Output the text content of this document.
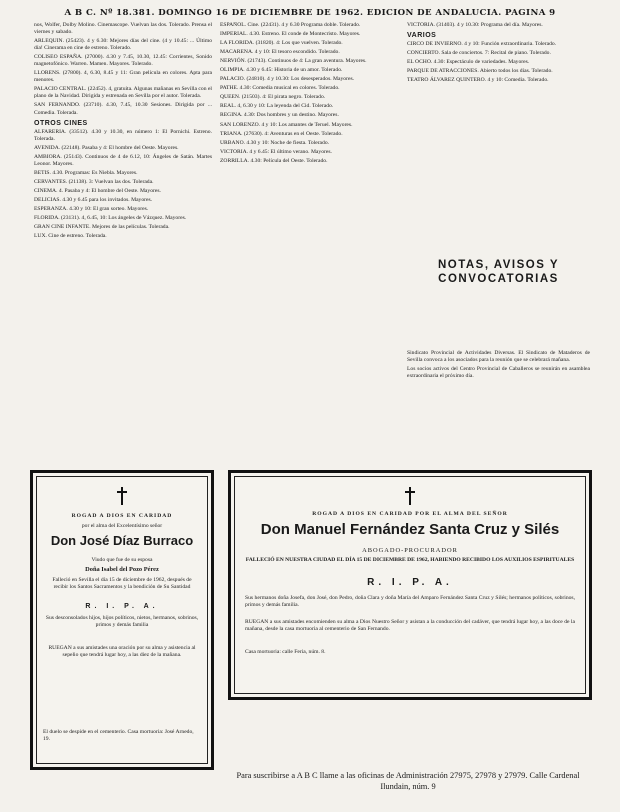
A B C. Nº 18.381. DOMINGO 16 DE DICIEMBRE DE 1962. EDICION DE ANDALUCIA. PAGINA 9

nos, Wolfer, Dolby Molino. Cinemascope. Vuelvan las dos. Tolerado. Prensa el viernes y sabado.

ARLEQUIN. (25423). 4 y 6.30: Mejores días del cine. (4 y 10.45: ... Último día! Cinerama en cine de estreno. Tolerado.

COLISEO ESPAÑA. (27000). 4.30 y 7.45, 10.30, 12.45: Corrientes, Sonido magnetofónico. Warren. Mamen. Mayores. Tolerado.

LLORENS. (27800). 4, 6.30, 8.45 y 11: Gran película en colores. Apta para menores.

PALACIO CENTRAL. (22452). 4, gratuita. Algunas mañanas en Sevilla con el plano de la Navidad. Dirigida y estrenada en Sevilla por el autor. Tolerada.

SAN FERNANDO. (23710). 4.30, 7.45, 10.30 Sesiones. Dirigida por ... Comedia. Tolerada.

OTROS CINES

ALFARERIA. (33512). 4.30 y 10.30, en número 1: El Pornichi. Estreno. Tolerada.

AVENIDA. (22148). Pasaba y 4: El hombre del Oeste. Mayores.

AMBIORA. (25143). Continuos de 4 de 6.12, 10: Ángeles de Satán. Martes Leonor. Mayores.

BETIS. 4.30. Programas: Es Niebla. Mayores.

CERVANTES. (21138). 3: Vuelvan las dos. Tolerada.

CINEMA. 4. Pasaba y 4: El hombre del Oeste. Mayores.

DELICIAS. 4.30 y 6.45 para los invitados. Mayores.

ESPERANZA. 4.30 y 10: El gran sorteo. Mayores.

FLORIDA. (23131). 4, 6.45, 10: Los ángeles de Vázquez. Mayores.

GRAN CINE INFANTE. Mejores de las películas. Tolerada.

LUX. Cine de estreno. Tolerada.

ESPAÑOL. Cine. (22431). 4 y 6.30 Programa doble. Tolerado.

IMPERIAL. 4.30. Estreno. El conde de Montecristo. Mayores.

LA FLORIDA. (31820). 4: Los que vuelven. Tolerado.

MACARENA. 4 y 10: El tesoro escondido. Tolerado.

NERVIÓN. (21743). Continuos de 4: La gran aventura. Mayores.

OLIMPIA. 4.30 y 6.45: Historia de un amor. Tolerado.

PALACIO. (24810). 4 y 10.30: Los desesperados. Mayores.

PATHE. 4.30: Comedia musical en colores. Tolerado.

QUEEN. (21503). 4: El pirata negro. Tolerado.

REAL. 4, 6.30 y 10: La leyenda del Cid. Tolerado.

REGINA. 4.30: Dos hombres y un destino. Mayores.

SAN LORENZO. 4 y 10: Los amantes de Teruel. Mayores.

TRIANA. (27630). 4: Aventuras en el Oeste. Tolerado.

URBANO. 4.30 y 10: Noche de fiesta. Tolerado.

VICTORIA. 4 y 6.45: El último verano. Mayores.

ZORRILLA. 4.30: Película del Oeste. Tolerado.

VICTORIA. (31403). 4 y 10.30: Programa del día. Mayores.

VARIOS

CIRCO DE INVIERNO. 4 y 10: Función extraordinaria. Tolerado.

CONCIERTO. Sala de conciertos. 7: Recital de piano. Tolerado.

EL OCHO. 4.30: Espectáculo de variedades. Mayores.

PARQUE DE ATRACCIONES. Abierto todos los días. Tolerado.

TEATRO ÁLVAREZ QUINTERO. 4 y 10: Comedia. Tolerado.

NOTAS, AVISOS Y CONVOCATORIAS

Sindicato Provincial de Actividades Diversas. El Sindicato de Mataderos de Sevilla convoca a los asociados para la reunión que se celebrará mañana.

Los socios activos del Centro Provincial de Caballeros se reunirán en asamblea extraordinaria el próximo día.

ROGAD A DIOS EN CARIDAD
por el alma del Excelentísimo señor
Don José Díaz Burraco
Viudo que fue de su esposa
Doña Isabel del Pozo Pérez
Falleció en Sevilla el día 15 de diciembre de 1962, después de recibir los Santos Sacramentos y la bendición de Su Santidad
R. I. P. A.
Sus desconsolados hijos, hijos políticos, nietos, hermanos, sobrinos, primos y demás familia
RUEGAN a sus amistades una oración por su alma y asistencia al sepelio que tendrá lugar hoy, a las diez de la mañana.
El duelo se despide en el cementerio. Casa mortuoria: José Arnedo, 19.
ROGAD A DIOS EN CARIDAD POR EL ALMA DEL SEÑOR
Don Manuel Fernández Santa Cruz y Silés
ABOGADO-PROCURADOR
FALLECIÓ EN NUESTRA CIUDAD EL DÍA 15 DE DICIEMBRE DE 1962, HABIENDO RECIBIDO LOS AUXILIOS ESPIRITUALES
R. I. P. A.
Sus hermanos doña Josefa, don José, don Pedro, doña Clara y doña María del Amparo Fernández Santa Cruz y Silés; hermanos políticos, sobrinos, primos y demás familia.
RUEGAN a sus amistades encomienden su alma a Dios Nuestro Señor y asistan a la conducción del cadáver, que tendrá lugar hoy, a las doce de la mañana, desde la casa mortuoria al cementerio de San Fernando.
Casa mortuoria: calle Feria, núm. 8.
Para suscribirse a A B C llame a las oficinas de Administración 27975, 27978 y 27979. Calle Cardenal Ilundain, núm. 9
